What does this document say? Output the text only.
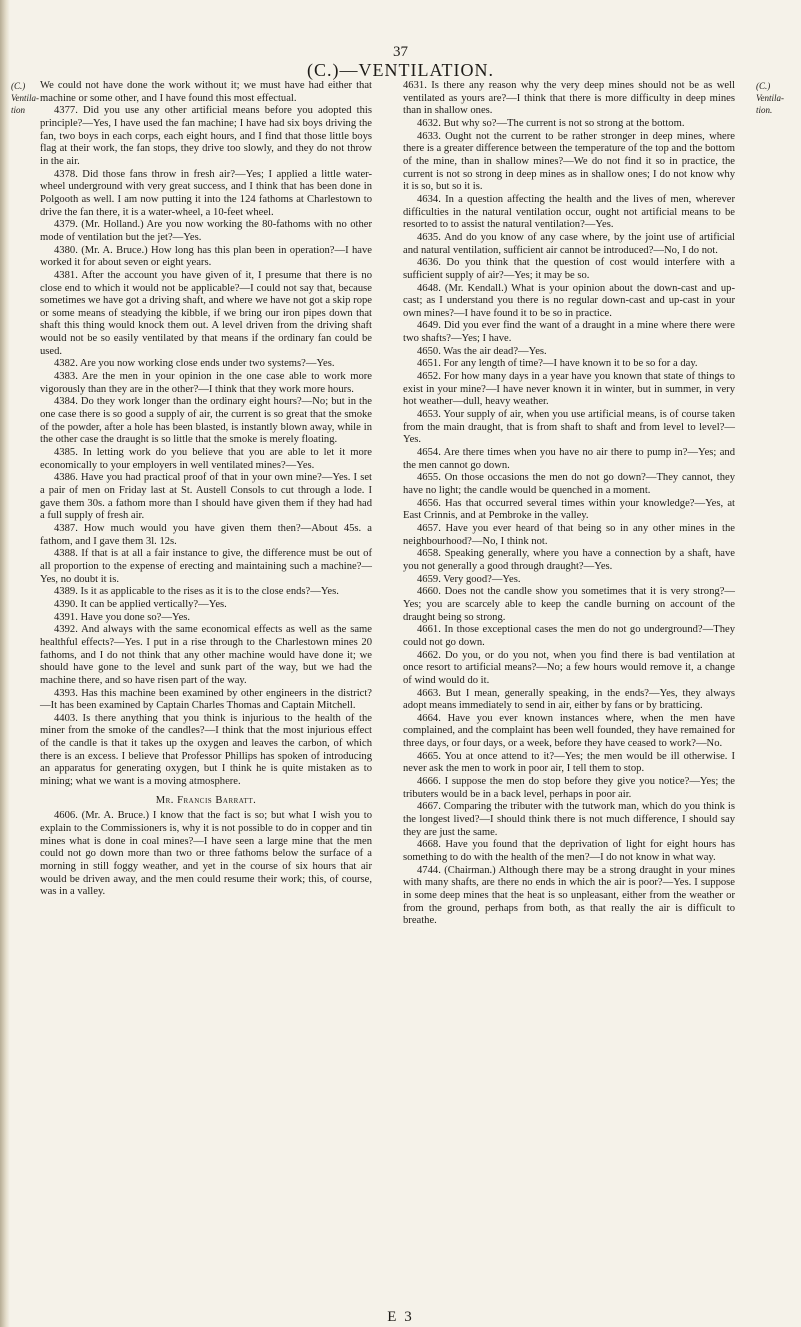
37
(C.)—VENTILATION.
(C.) Ventila-tion
(C.) Ventila-tion.

We could not have done the work without it; we must have had either that machine or some other, and I have found this most effectual.

4377. Did you use any other artificial means before you adopted this principle?—Yes, I have used the fan machine; I have had six boys driving the fan, two boys in each corps, each eight hours, and I find that those little boys flag at their work, the fan stops, they drive too slowly, and they do not throw in the air.

4378. Did those fans throw in fresh air?—Yes; I applied a little water-wheel underground with very great success, and I think that has been done in Polgooth as well. I am now putting it into the 124 fathoms at Charlestown to drive the fan there, it is a water-wheel, a 10-feet wheel.

4379. (Mr. Holland.) Are you now working the 80-fathoms with no other mode of ventilation but the jet?—Yes.

4380. (Mr. A. Bruce.) How long has this plan been in operation?—I have worked it for about seven or eight years.

4381. After the account you have given of it, I presume that there is no close end to which it would not be applicable?—I could not say that, because sometimes we have got a driving shaft, and where we have not got a skip rope or some means of steadying the kibble, if we bring our iron pipes down that shaft this thing would knock them out. A level driven from the driving shaft would not be so easily ventilated by that means if the ordinary fan could be used.

4382. Are you now working close ends under two systems?—Yes.

4383. Are the men in your opinion in the one case able to work more vigorously than they are in the other?—I think that they work more hours.

4384. Do they work longer than the ordinary eight hours?—No; but in the one case there is so good a supply of air, the current is so great that the smoke of the powder, after a hole has been blasted, is instantly blown away, while in the other case the draught is so little that the smoke is merely floating.

4385. In letting work do you believe that you are able to let it more economically to your employers in well ventilated mines?—Yes.

4386. Have you had practical proof of that in your own mine?—Yes. I set a pair of men on Friday last at St. Austell Consols to cut through a lode. I gave them 30s. a fathom more than I should have given them if they had had a full supply of fresh air.

4387. How much would you have given them then?—About 45s. a fathom, and I gave them 3l. 12s.

4388. If that is at all a fair instance to give, the difference must be out of all proportion to the expense of erecting and maintaining such a machine?—Yes, no doubt it is.

4389. Is it as applicable to the rises as it is to the close ends?—Yes.

4390. It can be applied vertically?—Yes.

4391. Have you done so?—Yes.

4392. And always with the same economical effects as well as the same healthful effects?—Yes. I put in a rise through to the Charlestown mines 20 fathoms, and I do not think that any other machine would have done it; we should have gone to the level and sunk part of the way, but we had the machine there, and so have risen part of the way.

4393. Has this machine been examined by other engineers in the district?—It has been examined by Captain Charles Thomas and Captain Mitchell.

4403. Is there anything that you think is injurious to the health of the miner from the smoke of the candles?—I think that the most injurious effect of the candle is that it takes up the oxygen and leaves the carbon, of which there is an excess. I believe that Professor Phillips has spoken of introducing an apparatus for generating oxygen, but I think he is quite mistaken as to mining; what we want is a moving atmosphere.

Mr. Francis Barratt.

4606. (Mr. A. Bruce.) I know that the fact is so; but what I wish you to explain to the Commissioners is, why it is not possible to do in copper and tin mines what is done in coal mines?—I have seen a large mine that the men could not go down more than two or three fathoms below the surface of a morning in still foggy weather, and yet in the course of six hours that air would be driven away, and the men could resume their work; this, of course, was in a valley.

4631. Is there any reason why the very deep mines should not be as well ventilated as yours are?—I think that there is more difficulty in deep mines than in shallow ones.

4632. But why so?—The current is not so strong at the bottom.

4633. Ought not the current to be rather stronger in deep mines, where there is a greater difference between the temperature of the top and the bottom of the mine, than in shallow mines?—We do not find it so in practice, the current is not so strong in deep mines as in shallow ones; I do not know why it is so, but so it is.

4634. In a question affecting the health and the lives of men, wherever difficulties in the natural ventilation occur, ought not artificial means to be resorted to to assist the natural ventilation?—Yes.

4635. And do you know of any case where, by the joint use of artificial and natural ventilation, sufficient air cannot be introduced?—No, I do not.

4636. Do you think that the question of cost would interfere with a sufficient supply of air?—Yes; it may be so.

4648. (Mr. Kendall.) What is your opinion about the down-cast and up-cast; as I understand you there is no regular down-cast and up-cast in your own mines?—I have found it to be so in practice.

4649. Did you ever find the want of a draught in a mine where there were two shafts?—Yes; I have.

4650. Was the air dead?—Yes.

4651. For any length of time?—I have known it to be so for a day.

4652. For how many days in a year have you known that state of things to exist in your mine?—I have never known it in winter, but in summer, in very hot weather—dull, heavy weather.

4653. Your supply of air, when you use artificial means, is of course taken from the main draught, that is from shaft to shaft and from level to level?—Yes.

4654. Are there times when you have no air there to pump in?—Yes; and the men cannot go down.

4655. On those occasions the men do not go down?—They cannot, they have no light; the candle would be quenched in a moment.

4656. Has that occurred several times within your knowledge?—Yes, at East Crinnis, and at Pembroke in the valley.

4657. Have you ever heard of that being so in any other mines in the neighbourhood?—No, I think not.

4658. Speaking generally, where you have a connection by a shaft, have you not generally a good through draught?—Yes.

4659. Very good?—Yes.

4660. Does not the candle show you sometimes that it is very strong?—Yes; you are scarcely able to keep the candle burning on account of the draught being so strong.

4661. In those exceptional cases the men do not go underground?—They could not go down.

4662. Do you, or do you not, when you find there is bad ventilation at once resort to artificial means?—No; a few hours would remove it, a change of wind would do it.

4663. But I mean, generally speaking, in the ends?—Yes, they always adopt means immediately to send in air, either by fans or by bratticing.

4664. Have you ever known instances where, when the men have complained, and the complaint has been well founded, they have remained for three days, or four days, or a week, before they have ceased to work?—No.

4665. You at once attend to it?—Yes; the men would be ill otherwise. I never ask the men to work in poor air, I tell them to stop.

4666. I suppose the men do stop before they give you notice?—Yes; the tributers would be in a back level, perhaps in poor air.

4667. Comparing the tributer with the tutwork man, which do you think is the longest lived?—I should think there is not much difference, I should say they are just the same.

4668. Have you found that the deprivation of light for eight hours has something to do with the health of the men?—I do not know in what way.

4744. (Chairman.) Although there may be a strong draught in your mines with many shafts, are there no ends in which the air is poor?—Yes. I suppose in some deep mines that the heat is so unpleasant, either from the weather or from the ground, perhaps from both, as that really the air is difficult to breathe.

E 3
